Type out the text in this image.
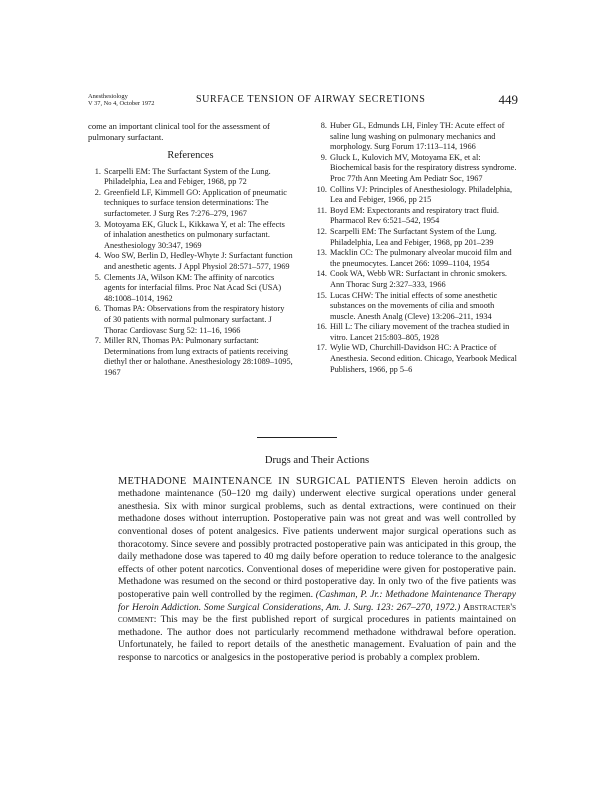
Anesthesiology
V 37, No 4, October 1972	SURFACE TENSION OF AIRWAY SECRETIONS	449

come an important clinical tool for the assessment of pulmonary surfactant.

References
1. Scarpelli EM: The Surfactant System of the Lung. Philadelphia, Lea and Febiger, 1968, pp 72
2. Greenfield LF, Kimmell GO: Application of pneumatic techniques to surface tension determinations: The surfactometer. J Surg Res 7:276–279, 1967
3. Motoyama EK, Gluck L, Kikkawa Y, et al: The effects of inhalation anesthetics on pulmonary surfactant. Anesthesiology 30:347, 1969
4. Woo SW, Berlin D, Hedley-Whyte J: Surfactant function and anesthetic agents. J Appl Physiol 28:571–577, 1969
5. Clements JA, Wilson KM: The affinity of narcotics agents for interfacial films. Proc Nat Acad Sci (USA) 48:1008–1014, 1962
6. Thomas PA: Observations from the respiratory history of 30 patients with normal pulmonary surfactant. J Thorac Cardiovasc Surg 52: 11–16, 1966
7. Miller RN, Thomas PA: Pulmonary surfactant: Determinations from lung extracts of patients receiving diethyl ther or halothane. Anesthesiology 28:1089–1095, 1967
8. Huber GL, Edmunds LH, Finley TH: Acute effect of saline lung washing on pulmonary mechanics and morphology. Surg Forum 17:113–114, 1966
9. Gluck L, Kulovich MV, Motoyama EK, et al: Biochemical basis for the respiratory distress syndrome. Proc 77th Ann Meeting Am Pediatr Soc, 1967
10. Collins VJ: Principles of Anesthesiology. Philadelphia, Lea and Febiger, 1966, pp 215
11. Boyd EM: Expectorants and respiratory tract fluid. Pharmacol Rev 6:521–542, 1954
12. Scarpelli EM: The Surfactant System of the Lung. Philadelphia, Lea and Febiger, 1968, pp 201–239
13. Macklin CC: The pulmonary alveolar mucoid film and the pneumocytes. Lancet 266: 1099–1104, 1954
14. Cook WA, Webb WR: Surfactant in chronic smokers. Ann Thorac Surg 2:327–333, 1966
15. Lucas CHW: The initial effects of some anesthetic substances on the movements of cilia and smooth muscle. Anesth Analg (Cleve) 13:206–211, 1934
16. Hill L: The ciliary movement of the trachea studied in vitro. Lancet 215:803–805, 1928
17. Wylie WD, Churchill-Davidson HC: A Practice of Anesthesia. Second edition. Chicago, Yearbook Medical Publishers, 1966, pp 5–6
Drugs and Their Actions

METHADONE MAINTENANCE IN SURGICAL PATIENTS Eleven heroin addicts on methadone maintenance (50–120 mg daily) underwent elective surgical operations under general anesthesia. Six with minor surgical problems, such as dental extractions, were continued on their methadone doses without interruption. Postoperative pain was not great and was well controlled by conventional doses of potent analgesics. Five patients underwent major surgical operations such as thoracotomy. Since severe and possibly protracted postoperative pain was anticipated in this group, the daily methadone dose was tapered to 40 mg daily before operation to reduce tolerance to the analgesic effects of other potent narcotics. Conventional doses of meperidine were given for postoperative pain. Methadone was resumed on the second or third postoperative day. In only two of the five patients was postoperative pain well controlled by the regimen. (Cashman, P. Jr.: Methadone Maintenance Therapy for Heroin Addiction. Some Surgical Considerations, Am. J. Surg. 123: 267–270, 1972.) Abstracter's comment: This may be the first published report of surgical procedures in patients maintained on methadone. The author does not particularly recommend methadone withdrawal before operation. Unfortunately, he failed to report details of the anesthetic management. Evaluation of pain and the response to narcotics or analgesics in the postoperative period is probably a complex problem.
